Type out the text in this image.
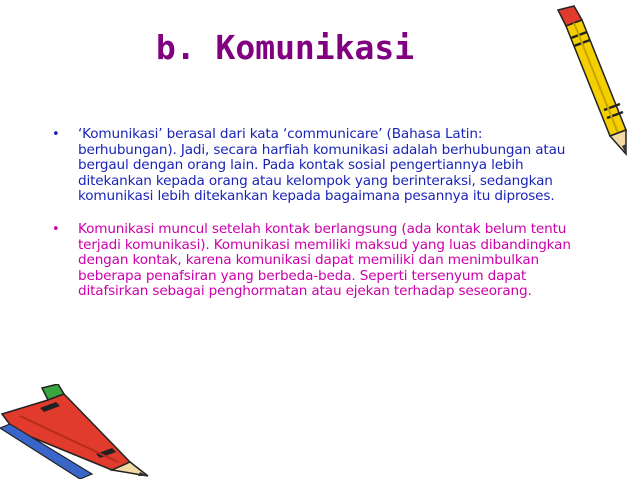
b. Komunikasi
• ‘Komunikasi’ berasal dari kata ‘communicare’ (Bahasa Latin: berhubungan). Jadi, secara harfiah komunikasi adalah berhubungan atau bergaul dengan orang lain. Pada kontak sosial pengertiannya lebih ditekankan kepada orang atau kelompok yang berinteraksi, sedangkan komunikasi lebih ditekankan kepada bagaimana pesannya itu diproses.
• Komunikasi muncul setelah kontak berlangsung (ada kontak belum tentu terjadi komunikasi). Komunikasi memiliki maksud yang luas dibandingkan dengan kontak, karena komunikasi dapat memiliki dan menimbulkan beberapa penafsiran yang berbeda-beda. Seperti tersenyum dapat ditafsirkan sebagai penghormatan atau ejekan terhadap seseorang.
